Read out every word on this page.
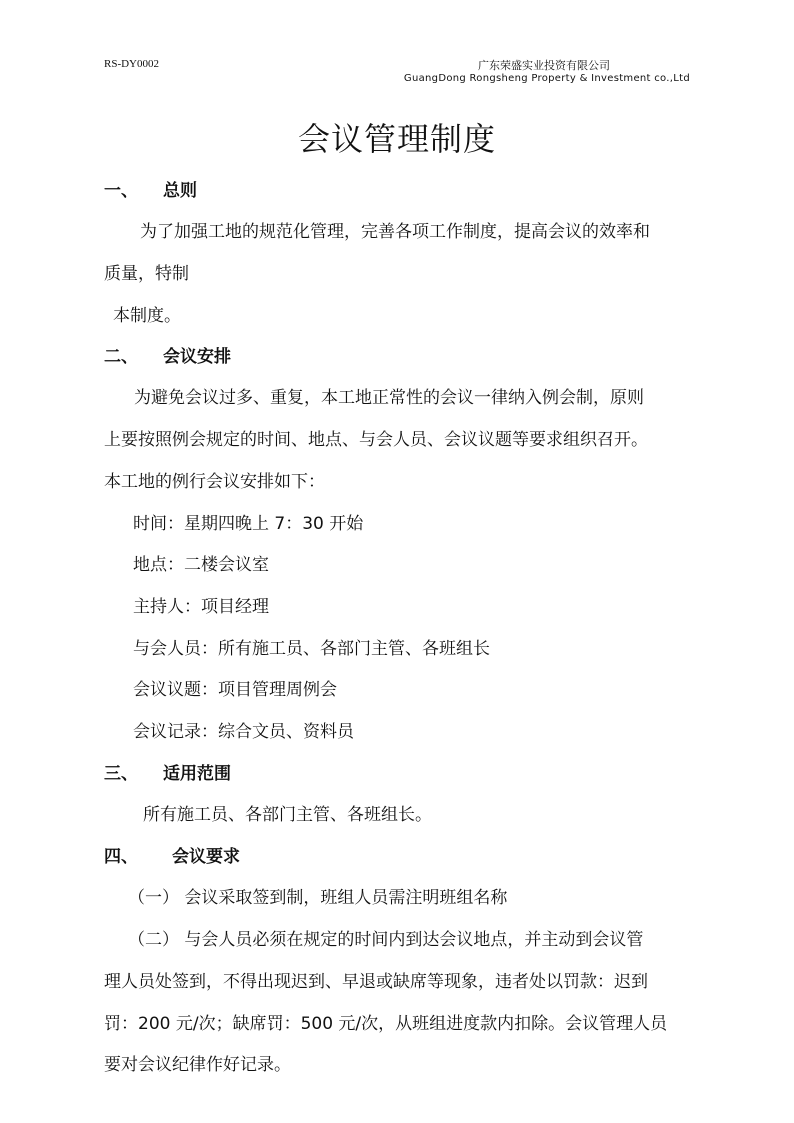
RS-DY0002	广东荣盛实业投资有限公司
GuangDong Rongsheng Property & Investment co.,Ltd
会议管理制度
一、 总则
为了加强工地的规范化管理，完善各项工作制度，提高会议的效率和
质量，特制
本制度。
二、 会议安排
为避免会议过多、重复，本工地正常性的会议一律纳入例会制，原则
上要按照例会规定的时间、地点、与会人员、会议议题等要求组织召开。
本工地的例行会议安排如下：
时间：星期四晚上 7：30 开始
地点：二楼会议室
主持人：项目经理
与会人员：所有施工员、各部门主管、各班组长
会议议题：项目管理周例会
会议记录：综合文员、资料员
三、 适用范围
所有施工员、各部门主管、各班组长。
四、 会议要求
（一） 会议采取签到制，班组人员需注明班组名称
（二） 与会人员必须在规定的时间内到达会议地点，并主动到会议管
理人员处签到，不得出现迟到、早退或缺席等现象，违者处以罚款：迟到
罚：200 元/次；缺席罚：500 元/次，从班组进度款内扣除。会议管理人员
要对会议纪律作好记录。
